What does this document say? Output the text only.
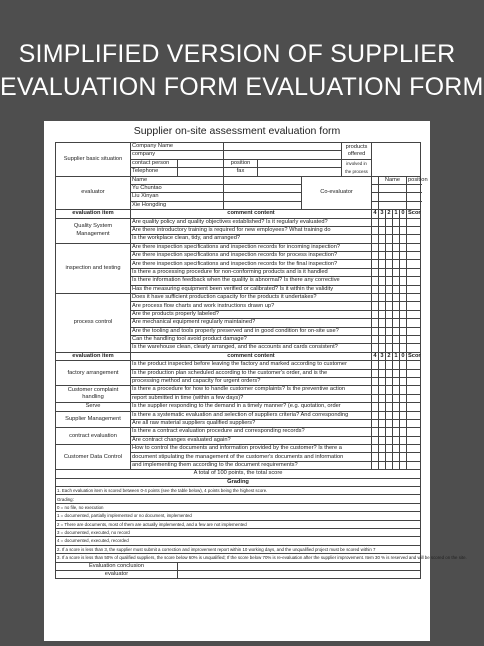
SIMPLIFIED VERSION OF SUPPLIER
EVALUATION FORM EVALUATION FORM
Supplier on-site assessment evaluation form
Supplier basic situation	Company Name					products offered						
	company											
	contact person		position			involved in the process						
	Telephone		fax									
evaluator	Name				Co-evaluator			Name				position
	Yu Chuntao											
	Liu Xinyan											
	Xie Hongding											
evaluation item	comment content						4	3	2	1	0	Scor
Quality System Management	Are quality policy and quality objectives established? Is it regularly evaluated?											
	Are there introductory training is required for new employees? What training do											
	Is the workplace clean, tidy, and arranged?											
inspection and testing	Are there inspection specifications and inspection records for incoming inspection?											
	Are there inspection specifications and inspection records for process inspection?											
	Are there inspection specifications and inspection records for the final inspection?											
	Is there a processing procedure for non-conforming products and is it handled											
	Is there information feedback when the quality is abnormal? Is there any corrective											
	Has the measuring equipment been verified or calibrated? Is it within the validity											
process control	Does it have sufficient production capacity for the products it undertakes?											
	Are process flow charts and work instructions drawn up?											
	Are the products properly labeled?											
	Are mechanical equipment regularly maintained?											
	Are the tooling and tools properly preserved and in good condition for on-site use?											
	Can the handling tool avoid product damage?											
	Is the warehouse clean, clearly arranged, and the accounts and cards consistent?											
evaluation item	comment content						4	3	2	1	0	Scor
factory arrangement	Is the product inspected before leaving the factory and marked according to customer											
	Is the production plan scheduled according to the customer's order, and is the											
	processing method and capacity for urgent orders?											
Customer complaint handling	Is there a procedure for how to handle customer complaints? Is the preventive action											
	report submitted in time (within a few days)?											
Serve	Is the supplier responding to the demand in a timely manner? (e.g. quotation, order											
Supplier Management	Is there a systematic evaluation and selection of suppliers criteria? And corresponding											
	Are all raw material suppliers qualified suppliers?											
contract evaluation	Is there a contract evaluation procedure and corresponding records?											
	Are contract changes evaluated again?											
Customer Data Control	How to control the documents and information provided by the customer? Is there a											
	document stipulating the management of the customer's documents and information											
	and implementing them according to the document requirements?											
A total of 100 points, the total score												
Grading												
1. Each evaluation item is scored between 0-4 points (see the table below), 4 points being the highest score.												
Grading:												
0 = no file, no execution												
1 = documented, partially implemented or no document, implemented												
2 = There are documents, most of them are actually implemented, and a few are not implemented												
3 = documented, executed, no record												
4 = documented, executed, recorded												
2. If a score is less than 3, the supplier must submit a correction and improvement report within 10 working days, and the unqualified project must be scored within 7												
3. If a score is less than 50% of qualified suppliers, the score below 60% is unqualified; If the score below 70% is re-evaluation after the supplier improvement. Item 30 % is reserved and will be scored on the site.												
Evaluation conclusion												
evaluator												
